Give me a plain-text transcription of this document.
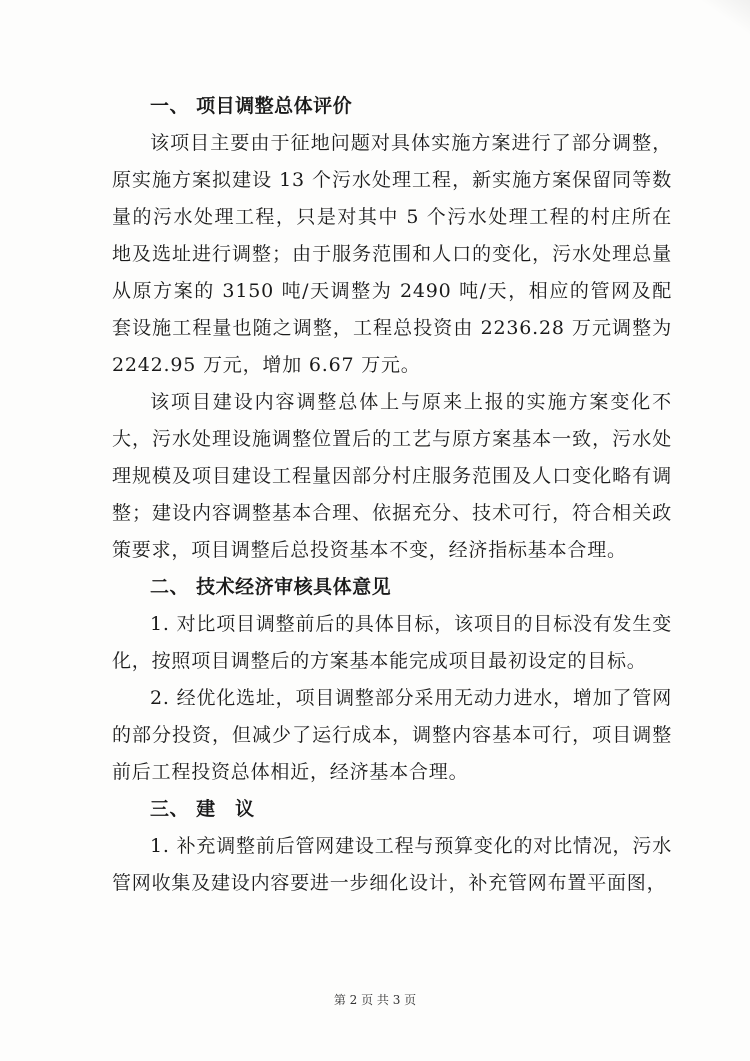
一、 项目调整总体评价

该项目主要由于征地问题对具体实施方案进行了部分调整，原实施方案拟建设 13 个污水处理工程，新实施方案保留同等数量的污水处理工程，只是对其中 5 个污水处理工程的村庄所在地及选址进行调整；由于服务范围和人口的变化，污水处理总量从原方案的 3150 吨/天调整为 2490 吨/天，相应的管网及配套设施工程量也随之调整，工程总投资由 2236.28 万元调整为 2242.95 万元，增加 6.67 万元。

该项目建设内容调整总体上与原来上报的实施方案变化不大，污水处理设施调整位置后的工艺与原方案基本一致，污水处理规模及项目建设工程量因部分村庄服务范围及人口变化略有调整；建设内容调整基本合理、依据充分、技术可行，符合相关政策要求，项目调整后总投资基本不变，经济指标基本合理。

二、 技术经济审核具体意见

1. 对比项目调整前后的具体目标，该项目的目标没有发生变化，按照项目调整后的方案基本能完成项目最初设定的目标。

2. 经优化选址，项目调整部分采用无动力进水，增加了管网的部分投资，但减少了运行成本，调整内容基本可行，项目调整前后工程投资总体相近，经济基本合理。

三、 建　议

1. 补充调整前后管网建设工程与预算变化的对比情况，污水管网收集及建设内容要进一步细化设计，补充管网布置平面图，

第 2 页 共 3 页
